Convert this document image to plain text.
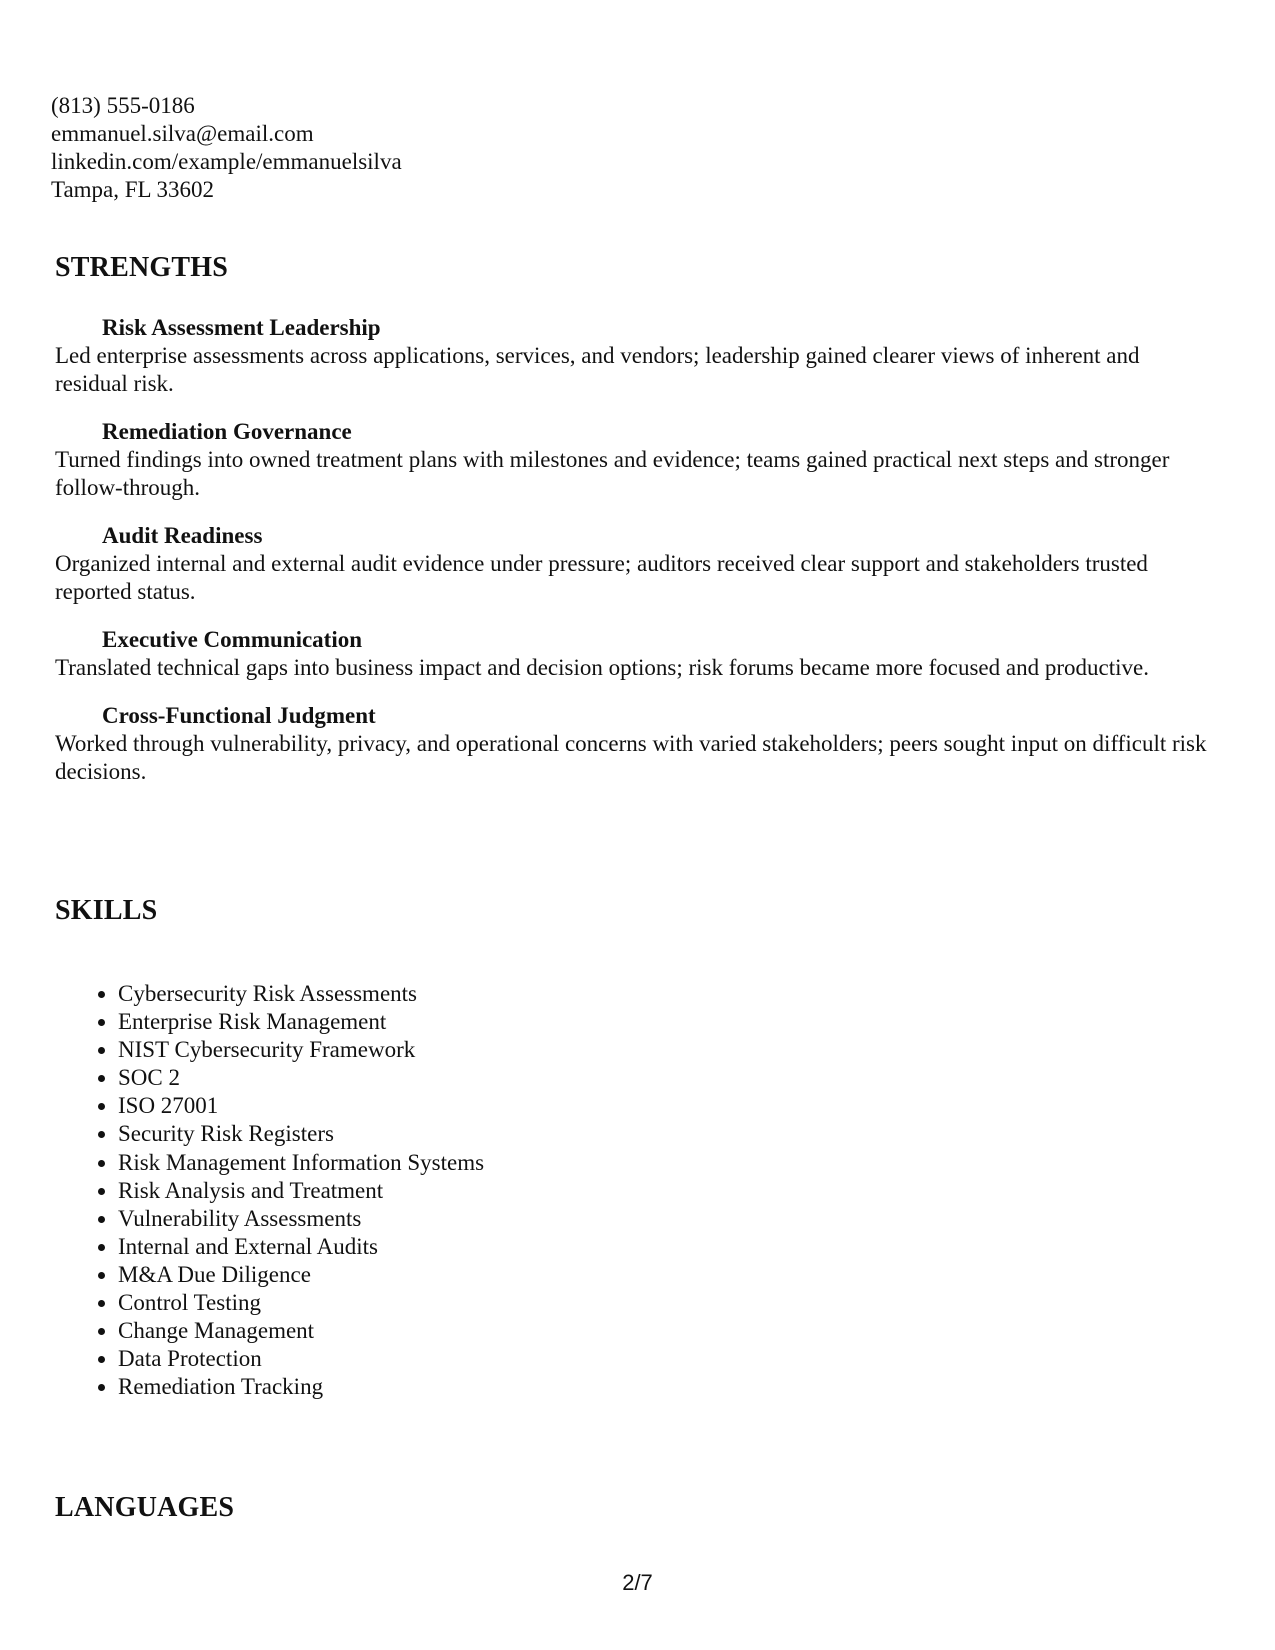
(813) 555-0186
emmanuel.silva@email.com
linkedin.com/example/emmanuelsilva
Tampa, FL 33602
STRENGTHS
Risk Assessment Leadership

Led enterprise assessments across applications, services, and vendors; leadership gained clearer views of inherent and residual risk.

Remediation Governance

Turned findings into owned treatment plans with milestones and evidence; teams gained practical next steps and stronger follow-through.

Audit Readiness

Organized internal and external audit evidence under pressure; auditors received clear support and stakeholders trusted reported status.

Executive Communication

Translated technical gaps into business impact and decision options; risk forums became more focused and productive.

Cross-Functional Judgment

Worked through vulnerability, privacy, and operational concerns with varied stakeholders; peers sought input on difficult risk decisions.

SKILLS
• Cybersecurity Risk Assessments
• Enterprise Risk Management
• NIST Cybersecurity Framework
• SOC 2
• ISO 27001
• Security Risk Registers
• Risk Management Information Systems
• Risk Analysis and Treatment
• Vulnerability Assessments
• Internal and External Audits
• M&A Due Diligence
• Control Testing
• Change Management
• Data Protection
• Remediation Tracking
LANGUAGES
2/7
